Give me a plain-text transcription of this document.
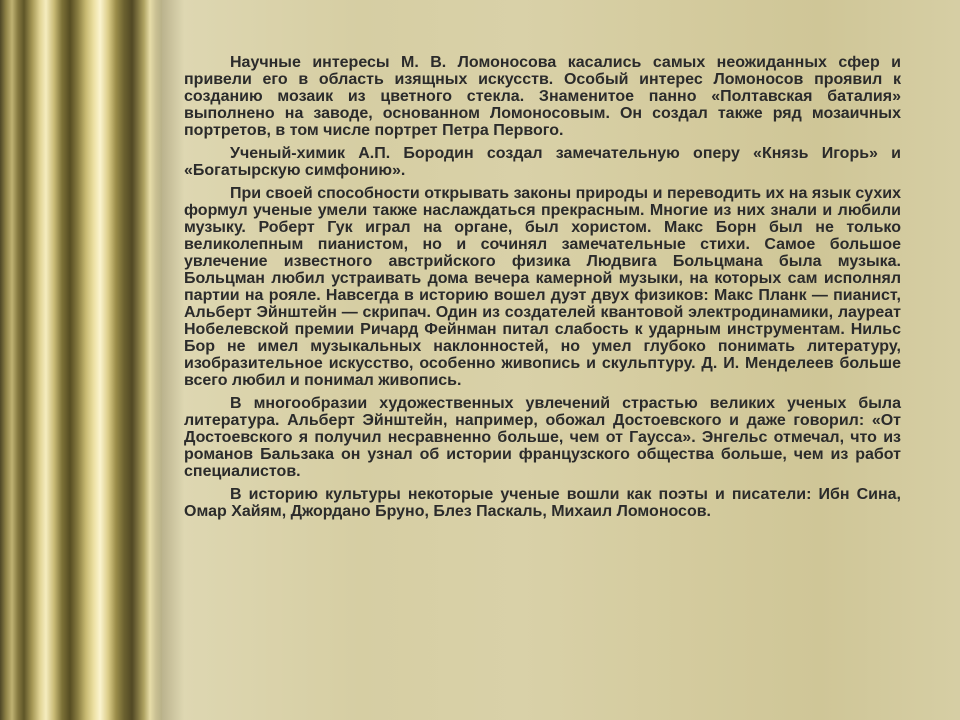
Научные интересы М. В. Ломоносова касались самых неожиданных сфер и привели его в область изящных искусств. Особый интерес Ломоносов проявил к созданию мозаик из цветного стекла. Знаменитое панно «Полтавская баталия» выполнено на заводе, основанном Ломоносовым. Он создал также ряд мозаичных портретов, в том числе портрет Петра Первого.

Ученый-химик А.П. Бородин создал замечательную оперу «Князь Игорь» и «Богатырскую симфонию».

При своей способности открывать законы природы и переводить их на язык сухих формул ученые умели также наслаждаться прекрасным. Многие из них знали и любили музыку. Роберт Гук играл на органе, был хористом. Макс Борн был не только великолепным пианистом, но и сочинял замечательные стихи. Самое большое увлечение известного австрийского физика Людвига Больцмана была музыка. Больцман любил устраивать дома вечера камерной музыки, на которых сам исполнял партии на рояле. Навсегда в историю вошел дуэт двух физиков: Макс Планк — пианист, Альберт Эйнштейн — скрипач. Один из создателей квантовой электродинамики, лауреат Нобелевской премии Ричард Фейнман питал слабость к ударным инструментам. Нильс Бор не имел музыкальных наклонностей, но умел глубоко понимать литературу, изобразительное искусство, особенно живопись и скульптуру. Д. И. Менделеев больше всего любил и понимал живопись.

В многообразии художественных увлечений страстью великих ученых была литература. Альберт Эйнштейн, например, обожал Достоевского и даже говорил: «От Достоевского я получил несравненно больше, чем от Гаусса». Энгельс отмечал, что из романов Бальзака он узнал об истории французского общества больше, чем из работ специалистов.

В историю культуры некоторые ученые вошли как поэты и писатели: Ибн Сина, Омар Хайям, Джордано Бруно, Блез Паскаль, Михаил Ломоносов.
